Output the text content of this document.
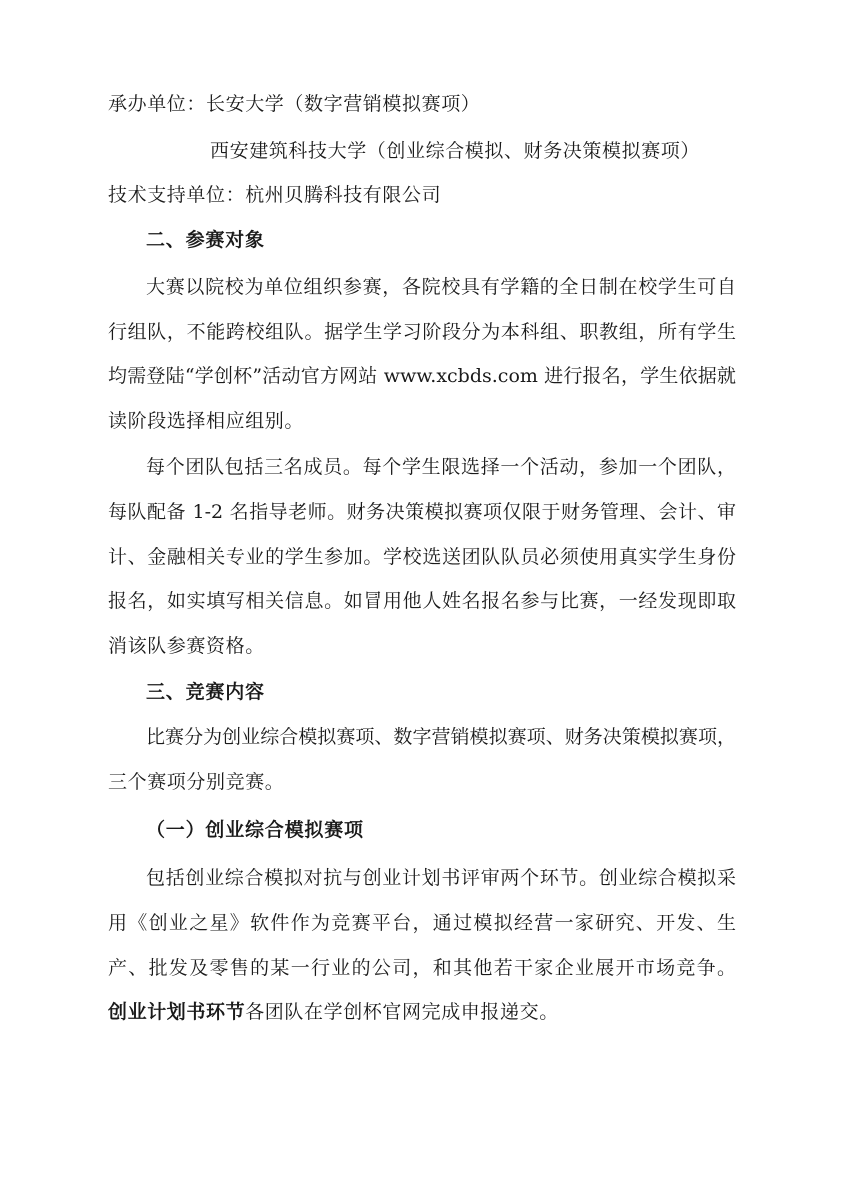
承办单位：长安大学（数字营销模拟赛项）
西安建筑科技大学（创业综合模拟、财务决策模拟赛项）
技术支持单位：杭州贝腾科技有限公司
二、参赛对象
大赛以院校为单位组织参赛，各院校具有学籍的全日制在校学生可自
行组队，不能跨校组队。据学生学习阶段分为本科组、职教组，所有学生
均需登陆“学创杯”活动官方网站 www.xcbds.com 进行报名，学生依据就
读阶段选择相应组别。
每个团队包括三名成员。每个学生限选择一个活动，参加一个团队，
每队配备 1-2 名指导老师。财务决策模拟赛项仅限于财务管理、会计、审
计、金融相关专业的学生参加。学校选送团队队员必须使用真实学生身份
报名，如实填写相关信息。如冒用他人姓名报名参与比赛，一经发现即取
消该队参赛资格。
三、竞赛内容
比赛分为创业综合模拟赛项、数字营销模拟赛项、财务决策模拟赛项，
三个赛项分别竞赛。
（一）创业综合模拟赛项
包括创业综合模拟对抗与创业计划书评审两个环节。创业综合模拟采
用《创业之星》软件作为竞赛平台，通过模拟经营一家研究、开发、生
产、批发及零售的某一行业的公司，和其他若干家企业展开市场竞争。
创业计划书环节各团队在学创杯官网完成申报递交。
